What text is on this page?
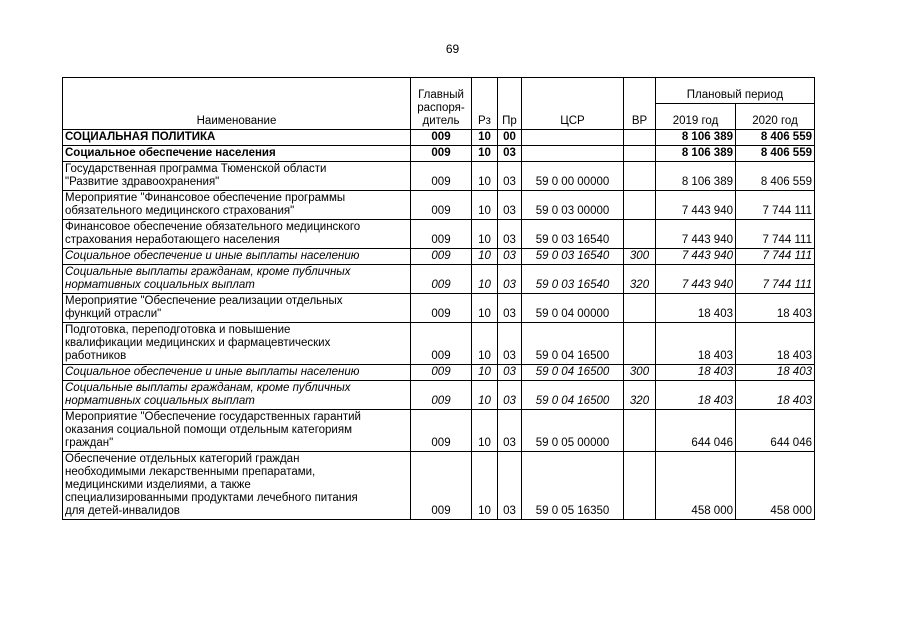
69
Наименование	Главный
распоря-
дитель	Рз	Пр	ЦСР	ВР	Плановый период	
						2019 год	2020 год

СОЦИАЛЬНАЯ ПОЛИТИКА	009	10	00			8 106 389	8 406 559

Социальное обеспечение населения	009	10	03			8 106 389	8 406 559

Государственная программа Тюменской области
"Развитие здравоохранения"	009	10	03	59 0 00 00000		8 106 389	8 406 559

Мероприятие "Финансовое обеспечение программы
обязательного медицинского страхования"	009	10	03	59 0 03 00000		7 443 940	7 744 111

Финансовое обеспечение обязательного медицинского
страхования неработающего населения	009	10	03	59 0 03 16540		7 443 940	7 744 111

Социальное обеспечение и иные выплаты населению	009	10	03	59 0 03 16540	300	7 443 940	7 744 111

Социальные выплаты гражданам, кроме публичных
нормативных социальных выплат	009	10	03	59 0 03 16540	320	7 443 940	7 744 111

Мероприятие "Обеспечение реализации отдельных
функций отрасли"	009	10	03	59 0 04 00000		18 403	18 403

Подготовка, переподготовка и повышение
квалификации медицинских и фармацевтических
работников	009	10	03	59 0 04 16500		18 403	18 403

Социальное обеспечение и иные выплаты населению	009	10	03	59 0 04 16500	300	18 403	18 403

Социальные выплаты гражданам, кроме публичных
нормативных социальных выплат	009	10	03	59 0 04 16500	320	18 403	18 403

Мероприятие "Обеспечение государственных гарантий
оказания социальной помощи отдельным категориям
граждан"	009	10	03	59 0 05 00000		644 046	644 046

Обеспечение отдельных категорий граждан
необходимыми лекарственными препаратами,
медицинскими изделиями, а также
специализированными продуктами лечебного питания
для детей-инвалидов	009	10	03	59 0 05 16350		458 000	458 000
